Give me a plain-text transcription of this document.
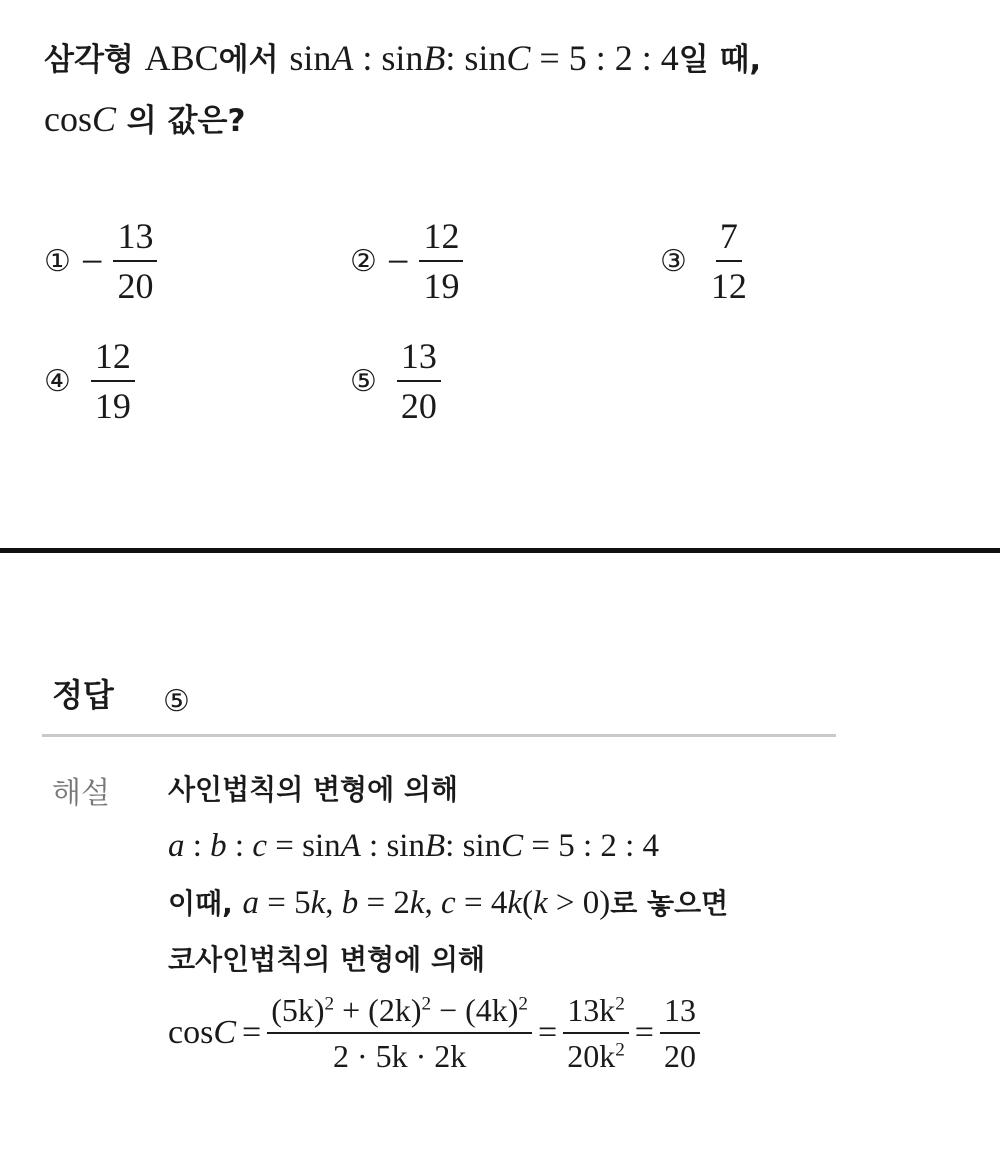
삼각형 ABC에서 sinA : sinB: sinC = 5 : 2 : 4일 때,
cosC 의 값은?
① − $\frac{13}{20}$	② − $\frac{12}{19}$	③ $\frac{7}{12}$
④ $\frac{12}{19}$	⑤ $\frac{13}{20}$
정답 ⑤
해설 사인법칙의 변형에 의해
a : b : c = sinA : sinB: sinC = 5 : 2 : 4
이때, a = 5k, b = 2k, c = 4k(k > 0)로 놓으면
코사인법칙의 변형에 의해
$\cos C = \frac{(5k)^2 + (2k)^2 - (4k)^2}{2 \cdot 5k \cdot 2k} = \frac{13k^2}{20k^2} = \frac{13}{20}$
